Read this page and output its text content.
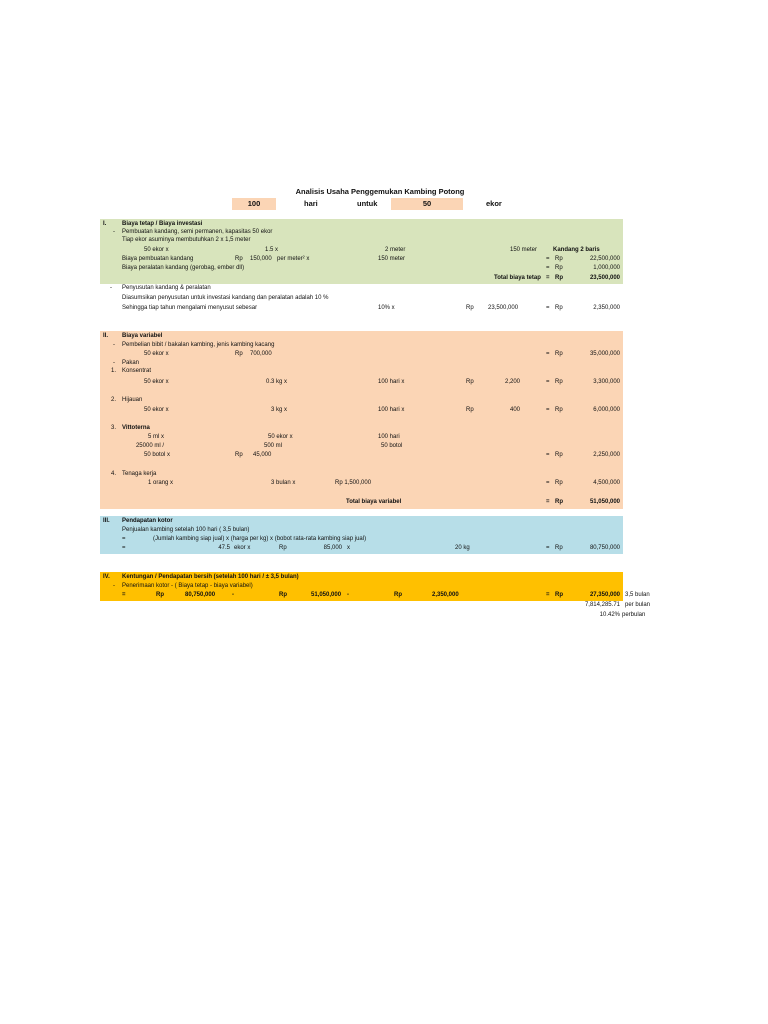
Analisis Usaha Penggemukan Kambing Potong
100	hari	untuk	50	ekor
I.	Biaya tetap / Biaya investasi
- Pembuatan kandang, semi permanen, kapasitas 50 ekor
Tiap ekor asuminya membutuhkan 2 x 1,5 meter
50 ekor x	1.5 x	2 meter	150 meter	Kandang 2 baris
Biaya pembuatan kandang	Rp 150,000 per meter² x	150 meter	= Rp	22,500,000
Biaya peralatan kandang (gerobag, ember dll)	= Rp	1,000,000
Total biaya tetap = Rp	23,500,000
- Penyusutan kandang & peralatan
Diasumsikan penyusutan untuk investasi kandang dan peralatan adalah 10 %
Sehingga tiap tahun mengalami menyusut sebesar	10% x	Rp 23,500,000	= Rp	2,350,000
II. Biaya variabel
- Pembelian bibit / bakalan kambing, jenis kambing kacang
50 ekor x	Rp 700,000	= Rp	35,000,000
- Pakan
1. Konsentrat
50 ekor x	0.3 kg x	100 hari x	Rp	2,200	= Rp	3,300,000
2. Hijauan
50 ekor x	3 kg x	100 hari x	Rp	400	= Rp	6,000,000
3. Vittoterna
5 ml x	50 ekor x	100 hari
25000 ml /	500 ml	50 botol
50 botol x	Rp 45,000	= Rp	2,250,000
4. Tenaga kerja
1 orang x	3 bulan x	Rp 1,500,000	= Rp	4,500,000
Total biaya variabel	= Rp	51,050,000
III. Pendapatan kotor
Penjualan kambing setelah 100 hari ( 3,5 bulan)
=	(Jumlah kambing siap jual) x (harga per kg) x (bobot rata-rata kambing siap jual)
=	47.5 ekor x	Rp	85,000 x	20 kg	= Rp	80,750,000
IV. Kentungan / Pendapatan bersih (setelah 100 hari / ± 3,5 bulan)
- Penerimaan kotor - ( Biaya tetap - biaya variabel)
=	Rp	80,750,000	-	Rp	51,050,000 -	Rp	2,350,000	= Rp	27,350,000 3,5 bulan
7,814,285.71 per bulan
10.42% perbulan
